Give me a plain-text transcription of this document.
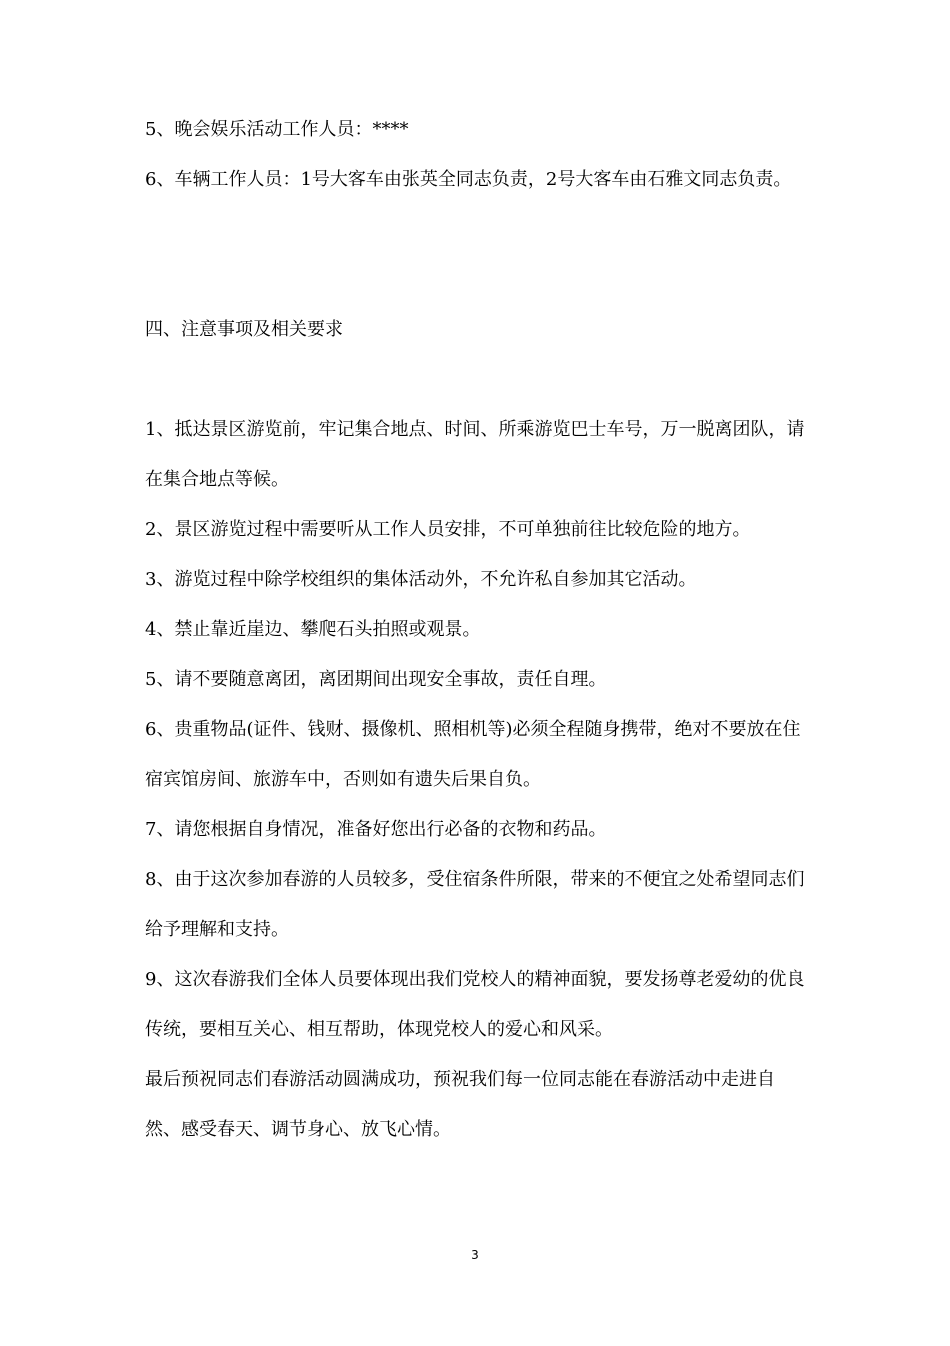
5、晚会娱乐活动工作人员：****

6、车辆工作人员：1号大客车由张英全同志负责，2号大客车由石雅文同志负责。

四、注意事项及相关要求

1、抵达景区游览前，牢记集合地点、时间、所乘游览巴士车号，万一脱离团队，请在集合地点等候。

2、景区游览过程中需要听从工作人员安排，不可单独前往比较危险的地方。

3、游览过程中除学校组织的集体活动外，不允许私自参加其它活动。

4、禁止靠近崖边、攀爬石头拍照或观景。

5、请不要随意离团，离团期间出现安全事故，责任自理。

6、贵重物品(证件、钱财、摄像机、照相机等)必须全程随身携带，绝对不要放在住宿宾馆房间、旅游车中，否则如有遗失后果自负。

7、请您根据自身情况，准备好您出行必备的衣物和药品。

8、由于这次参加春游的人员较多，受住宿条件所限，带来的不便宜之处希望同志们给予理解和支持。

9、这次春游我们全体人员要体现出我们党校人的精神面貌，要发扬尊老爱幼的优良传统，要相互关心、相互帮助，体现党校人的爱心和风采。

最后预祝同志们春游活动圆满成功，预祝我们每一位同志能在春游活动中走进自然、感受春天、调节身心、放飞心情。

3
